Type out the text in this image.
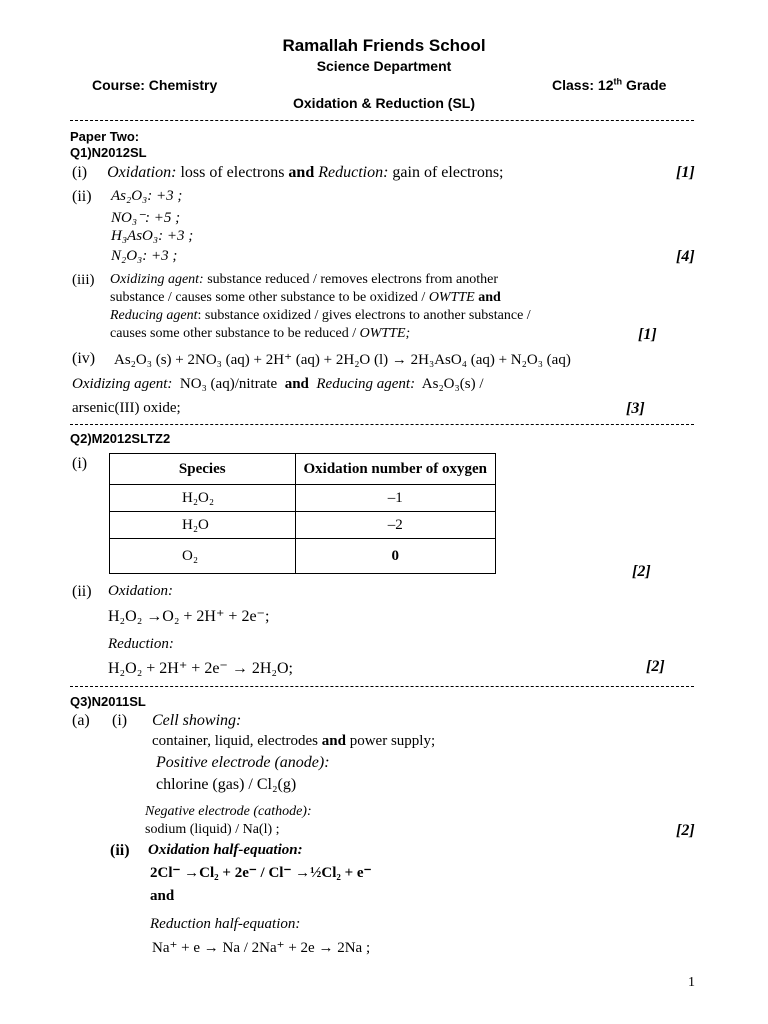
Ramallah Friends School
Science Department
Course: Chemistry	Class: 12th Grade
Oxidation & Reduction (SL)
Paper Two:
Q1)N2012SL
(i) Oxidation: loss of electrons and Reduction: gain of electrons;	[1]
(ii) As₂O₃: +3 ;
NO₃⁻: +5 ;
H₃AsO₃: +3 ;
N₂O₃: +3 ;	[4]
(iii) Oxidizing agent: substance reduced / removes electrons from another
substance / causes some other substance to be oxidized / OWTTE and
Reducing agent: substance oxidized / gives electrons to another substance /
causes some other substance to be reduced / OWTTE;	[1]
(iv) As₂O₃ (s) + 2NO₃ (aq) + 2H⁺ (aq) + 2H₂O (l) → 2H₃AsO₄ (aq) + N₂O₃ (aq)
Oxidizing agent: NO₃ (aq)/nitrate and Reducing agent: As₂O₃(s) /
arsenic(III) oxide;	[3]
Q2)M2012SLTZ2
(i)	Species	Oxidation number of oxygen
H₂O₂	–1
H₂O	–2
O₂	0
[2]
(ii) Oxidation:
H₂O₂ →O₂ + 2H⁺ + 2e⁻;
Reduction:
H₂O₂ + 2H⁺ + 2e⁻ → 2H₂O;	[2]
Q3)N2011SL
(a) (i) Cell showing:
container, liquid, electrodes and power supply;
Positive electrode (anode):
chlorine (gas) / Cl₂(g)
Negative electrode (cathode):
sodium (liquid) / Na(l) ;	[2]
(ii) Oxidation half-equation:
2Cl⁻ →Cl₂ + 2e⁻ / Cl⁻ →½Cl₂ + e⁻
and
Reduction half-equation:
Na⁺ + e → Na / 2Na⁺ + 2e → 2Na ;
1
